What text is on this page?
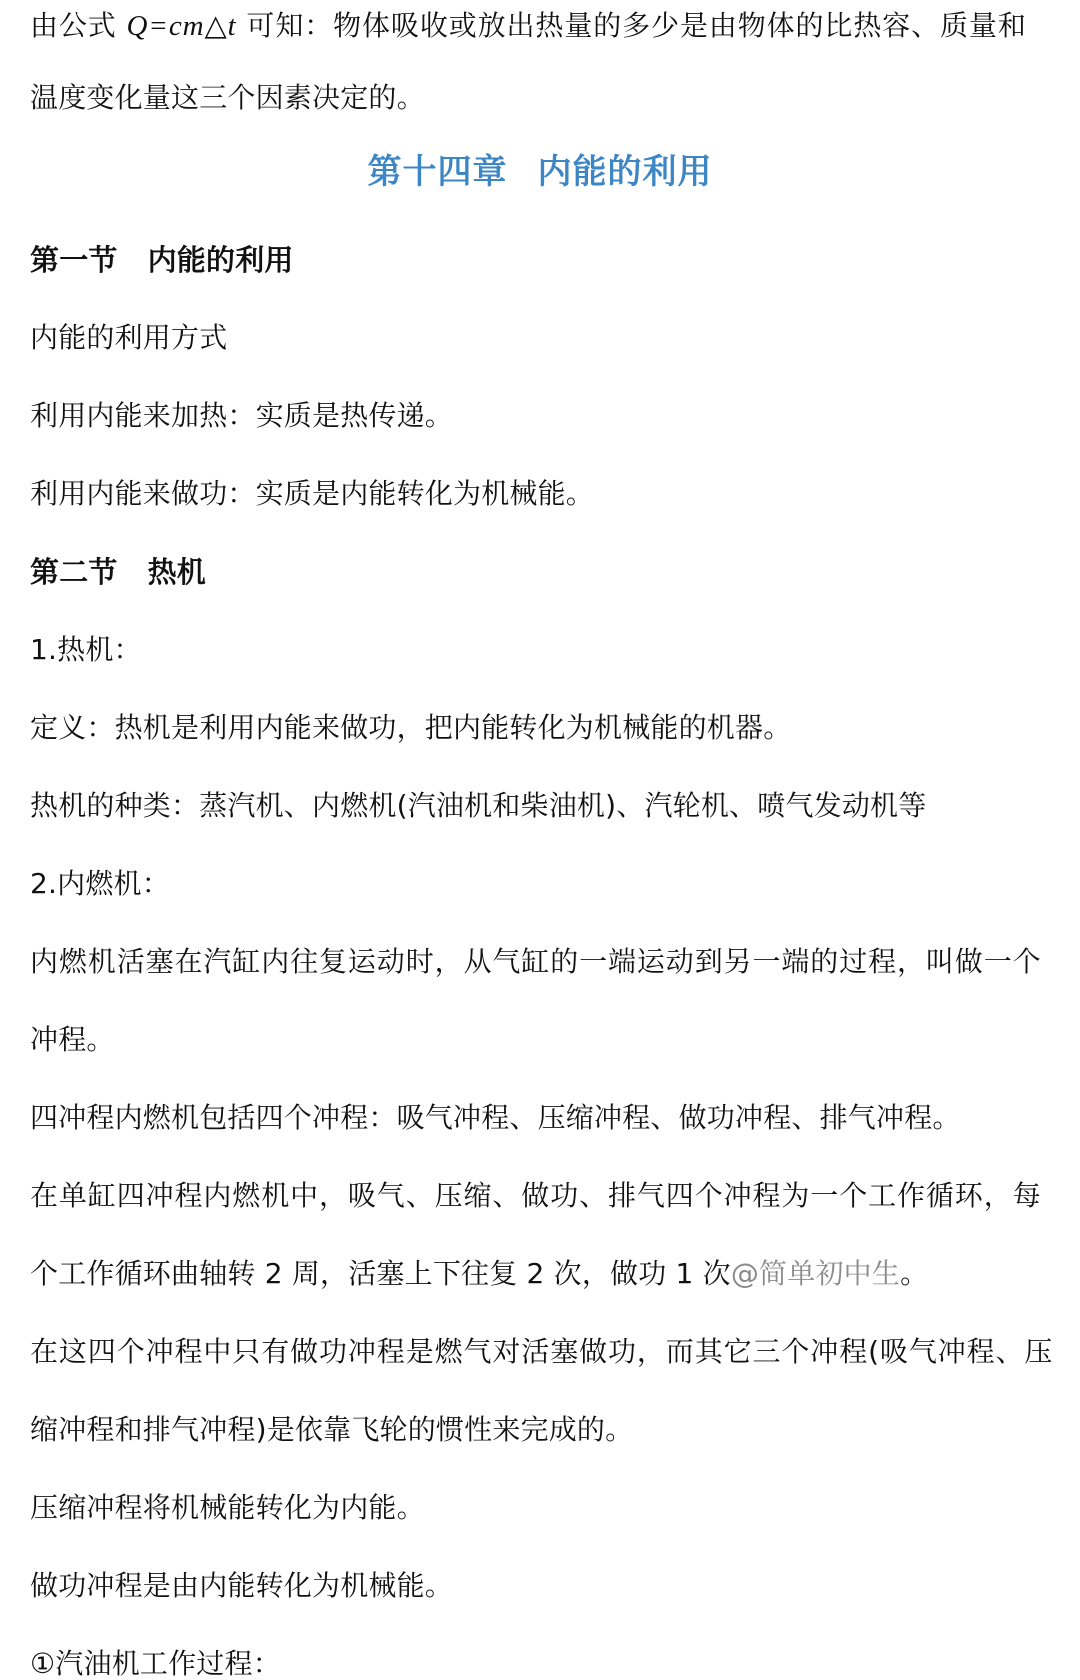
由公式 Q=cm△t 可知：物体吸收或放出热量的多少是由物体的比热容、质量和
温度变化量这三个因素决定的。
第十四章 内能的利用
第一节 内能的利用
内能的利用方式
利用内能来加热：实质是热传递。
利用内能来做功：实质是内能转化为机械能。
第二节 热机
1.热机：
定义：热机是利用内能来做功，把内能转化为机械能的机器。
热机的种类：蒸汽机、内燃机(汽油机和柴油机)、汽轮机、喷气发动机等
2.内燃机：
内燃机活塞在汽缸内往复运动时，从气缸的一端运动到另一端的过程，叫做一个
冲程。
四冲程内燃机包括四个冲程：吸气冲程、压缩冲程、做功冲程、排气冲程。
在单缸四冲程内燃机中，吸气、压缩、做功、排气四个冲程为一个工作循环，每
个工作循环曲轴转 2 周，活塞上下往复 2 次，做功 1 次@简单初中生。
在这四个冲程中只有做功冲程是燃气对活塞做功，而其它三个冲程(吸气冲程、压
缩冲程和排气冲程)是依靠飞轮的惯性来完成的。
压缩冲程将机械能转化为内能。
做功冲程是由内能转化为机械能。
①汽油机工作过程：
